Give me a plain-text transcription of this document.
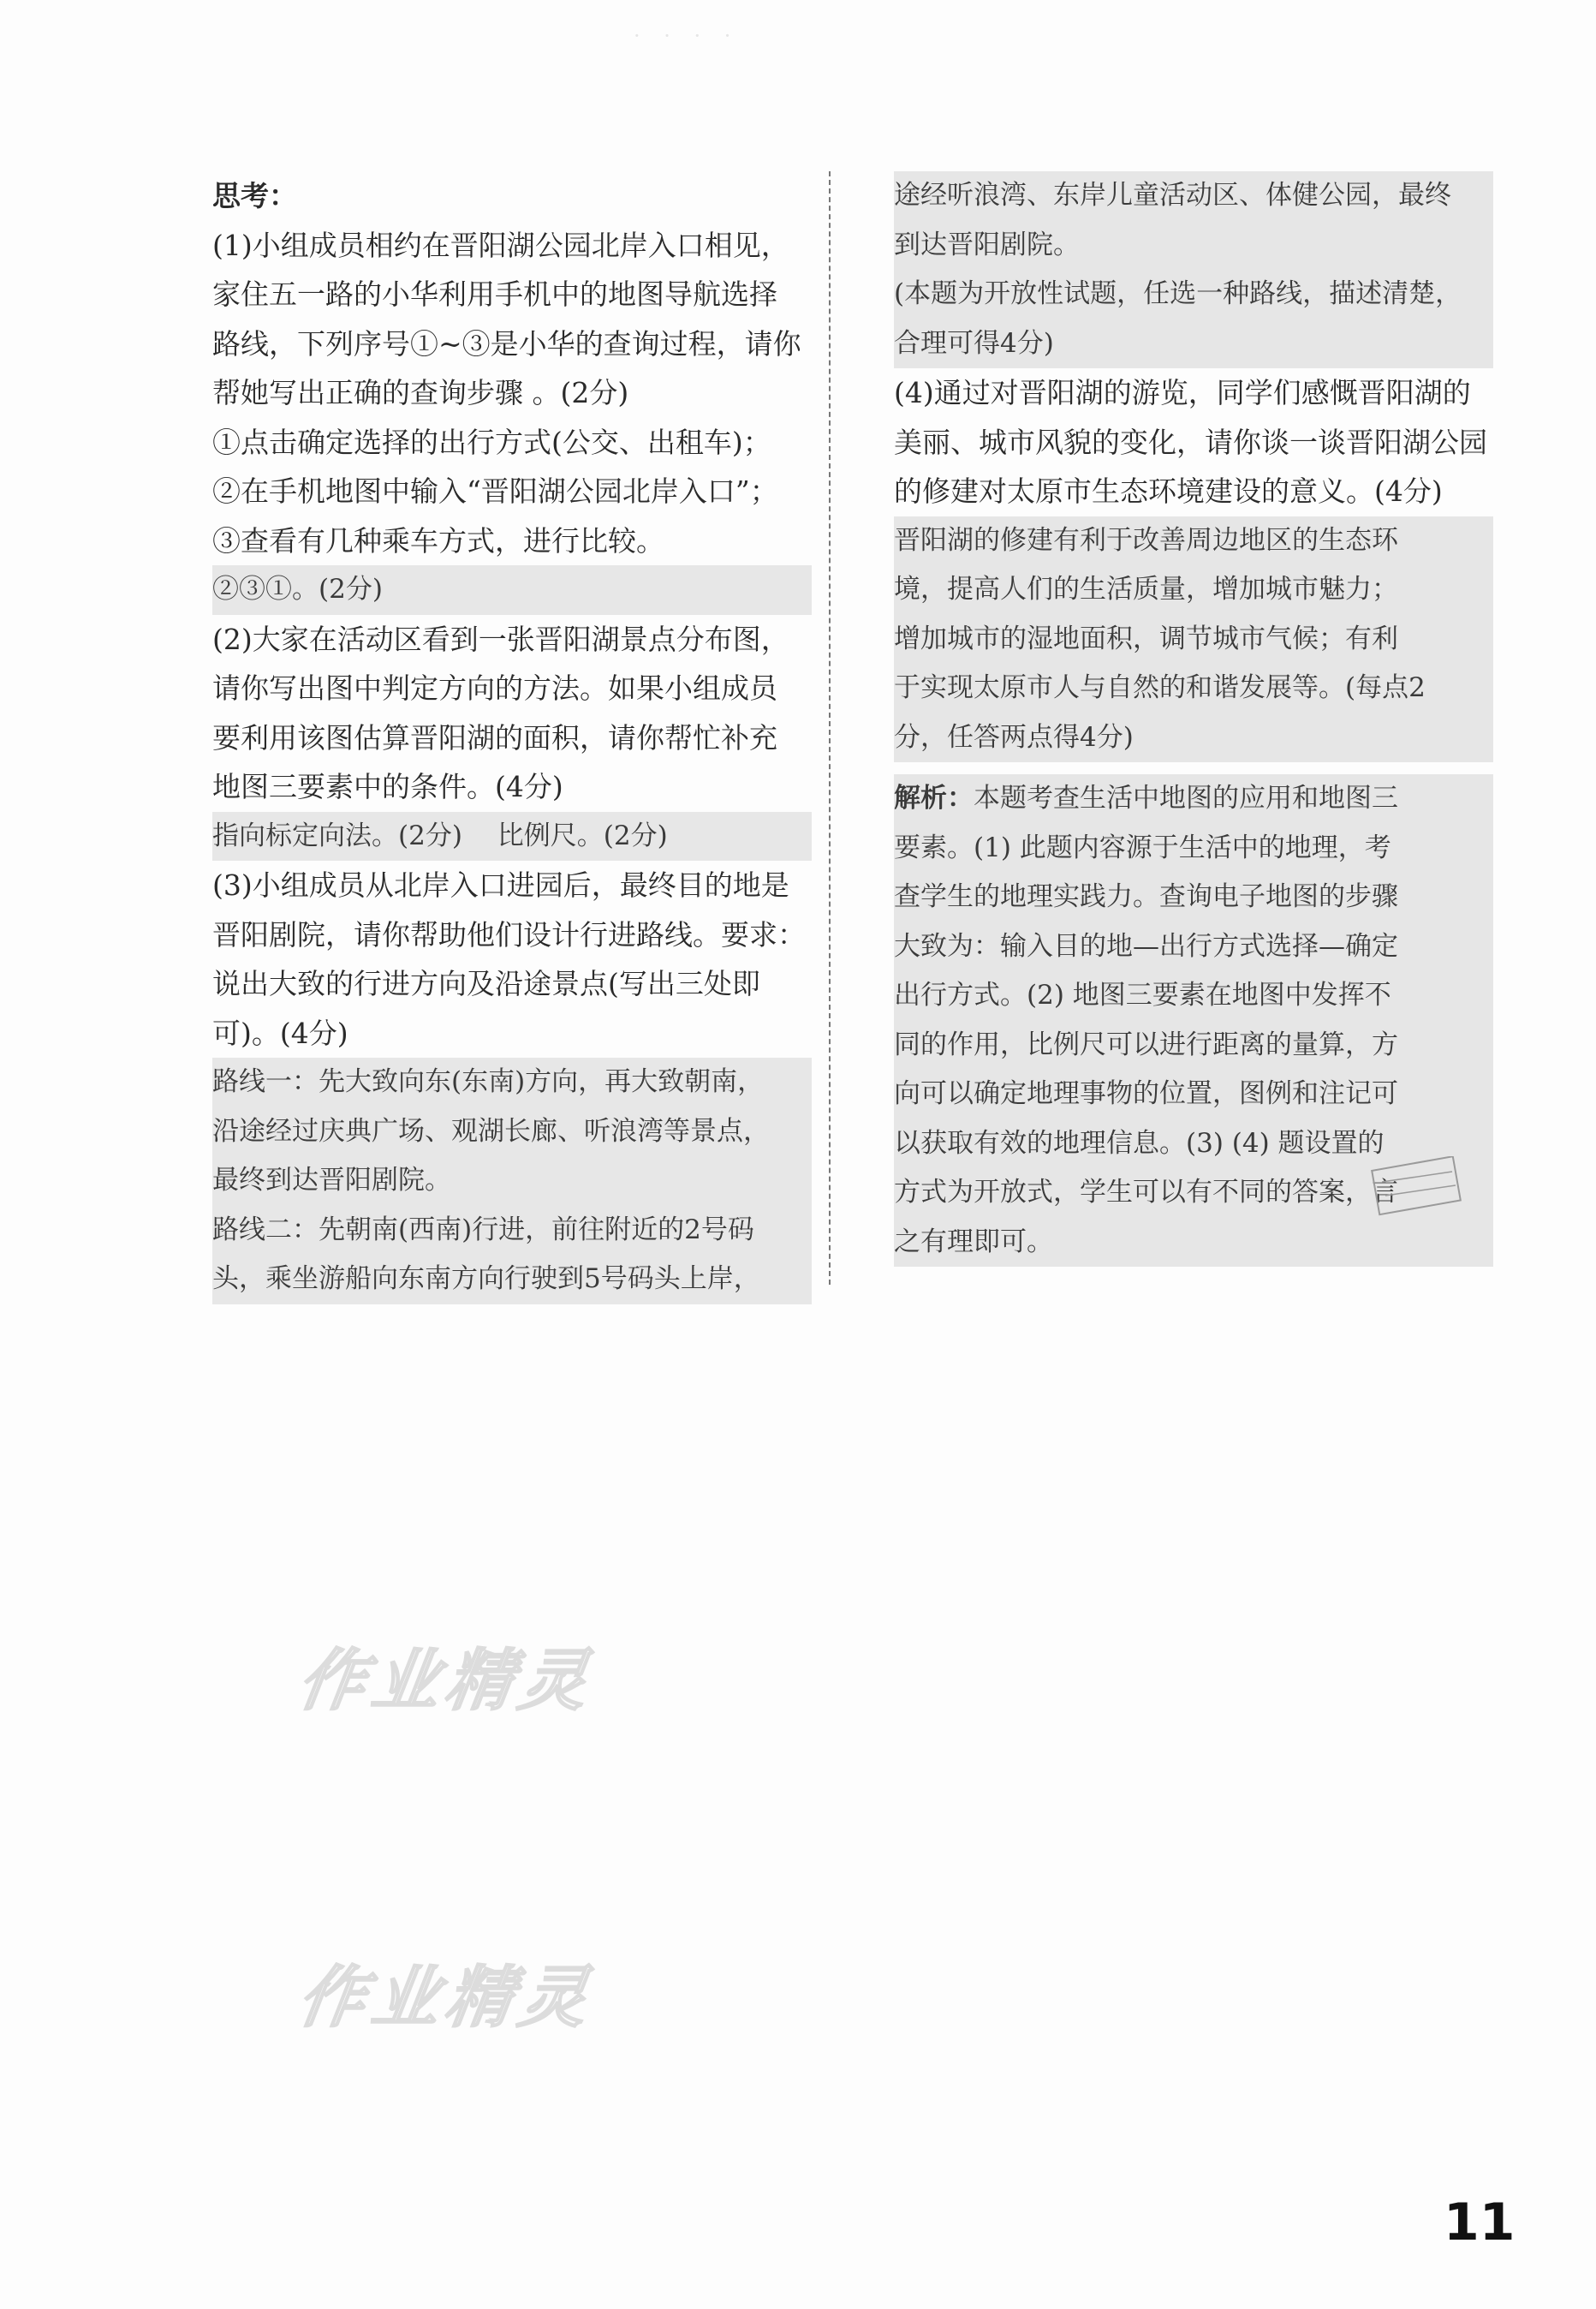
· · · ·
思考：
(1)小组成员相约在晋阳湖公园北岸入口相见，
家住五一路的小华利用手机中的地图导航选择
路线，下列序号①~③是小华的查询过程，请你
帮她写出正确的查询步骤 。(2分)
①点击确定选择的出行方式(公交、出租车)；
②在手机地图中输入“晋阳湖公园北岸入口”；
③查看有几种乘车方式，进行比较。
②③①。(2分)
(2)大家在活动区看到一张晋阳湖景点分布图，
请你写出图中判定方向的方法。如果小组成员
要利用该图估算晋阳湖的面积，请你帮忙补充
地图三要素中的条件。(4分)
指向标定向法。(2分)　 比例尺。(2分)
(3)小组成员从北岸入口进园后，最终目的地是
晋阳剧院，请你帮助他们设计行进路线。要求：
说出大致的行进方向及沿途景点(写出三处即
可)。(4分)
路线一：先大致向东(东南)方向，再大致朝南，
沿途经过庆典广场、观湖长廊、听浪湾等景点，
最终到达晋阳剧院。
路线二：先朝南(西南)行进，前往附近的2号码
头，乘坐游船向东南方向行驶到5号码头上岸，
途经听浪湾、东岸儿童活动区、体健公园，最终
到达晋阳剧院。
(本题为开放性试题，任选一种路线，描述清楚，
合理可得4分)
(4)通过对晋阳湖的游览，同学们感慨晋阳湖的
美丽、城市风貌的变化，请你谈一谈晋阳湖公园
的修建对太原市生态环境建设的意义。(4分)
晋阳湖的修建有利于改善周边地区的生态环
境，提高人们的生活质量，增加城市魅力；
增加城市的湿地面积，调节城市气候；有利
于实现太原市人与自然的和谐发展等。(每点2
分，任答两点得4分)
解析：本题考查生活中地图的应用和地图三
要素。(1) 此题内容源于生活中的地理，考
查学生的地理实践力。查询电子地图的步骤
大致为：输入目的地—出行方式选择—确定
出行方式。(2) 地图三要素在地图中发挥不
同的作用，比例尺可以进行距离的量算，方
向可以确定地理事物的位置，图例和注记可
以获取有效的地理信息。(3) (4) 题设置的
方式为开放式，学生可以有不同的答案，言
之有理即可。
作业精灵
作业精灵
11
